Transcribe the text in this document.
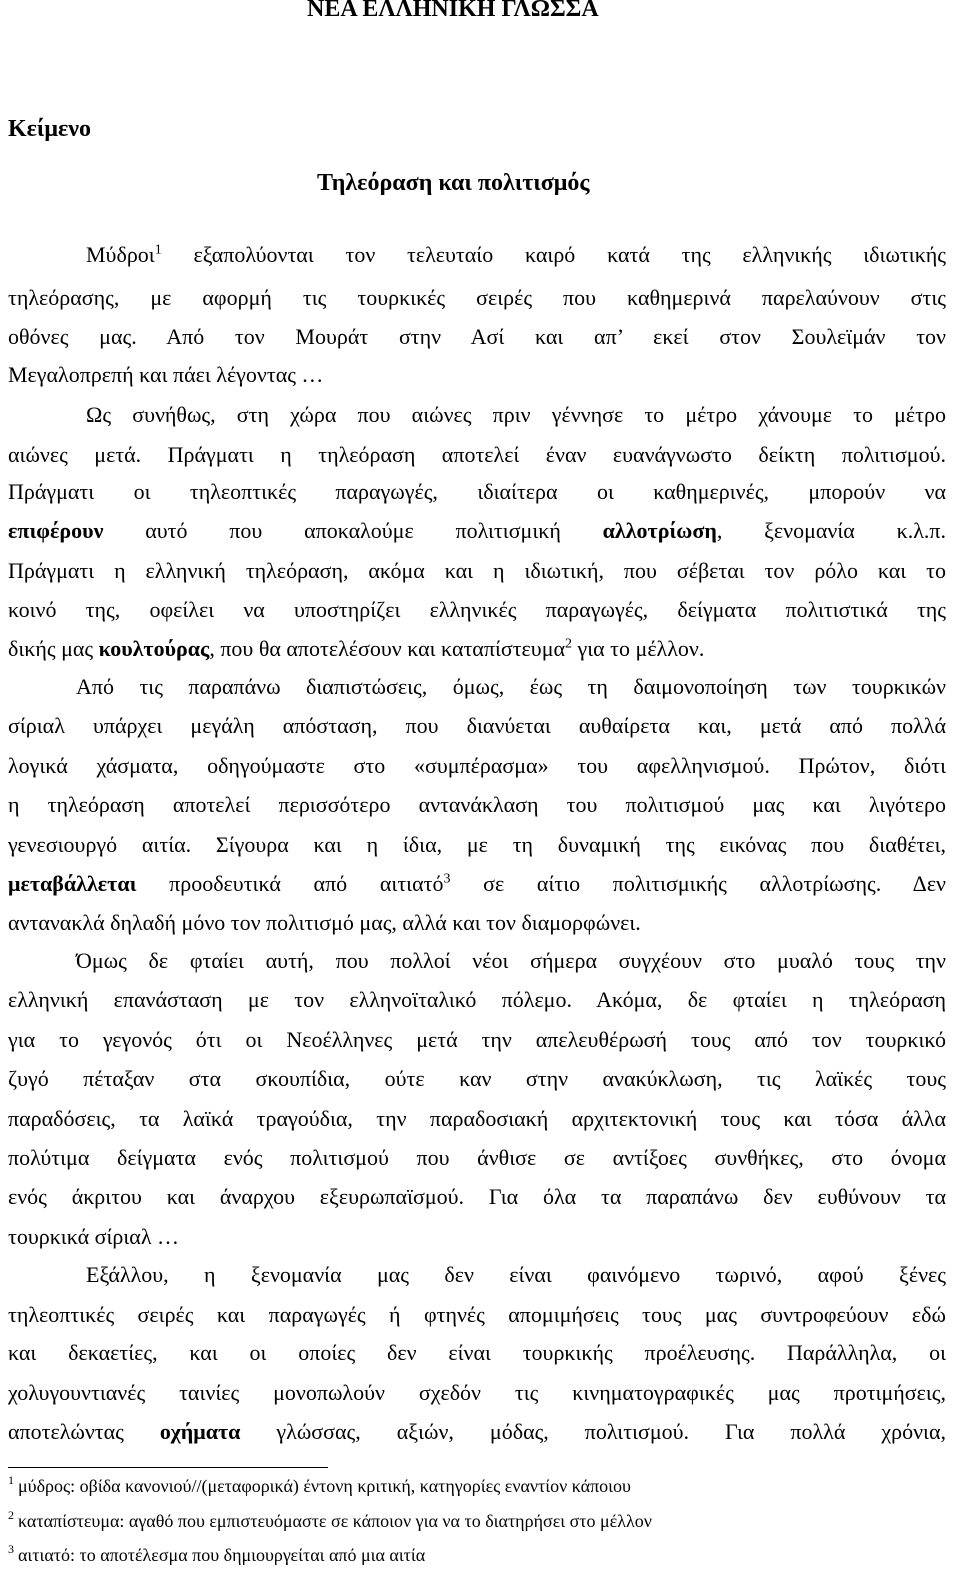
ΝΕΑ ΕΛΛΗΝΙΚΗ ΓΛΩΣΣΑ
Κείμενο
Τηλεόραση και πολιτισμός
Μύδροι$^1$ εξαπολύονται τον τελευταίο καιρό κατά της ελληνικής ιδιωτικής
τηλεόρασης, με αφορμή τις τουρκικές σειρές που καθημερινά παρελαύνουν στις
οθόνες μας. Από τον Μουράτ στην Ασί και απ’ εκεί στον Σουλεϊμάν τον
Μεγαλοπρεπή και πάει λέγοντας …
Ως συνήθως, στη χώρα που αιώνες πριν γέννησε το μέτρο χάνουμε το μέτρο
αιώνες μετά. Πράγματι η τηλεόραση αποτελεί έναν ευανάγνωστο δείκτη πολιτισμού.
Πράγματι οι τηλεοπτικές παραγωγές, ιδιαίτερα οι καθημερινές, μπορούν να
επιφέρουν αυτό που αποκαλούμε πολιτισμική αλλοτρίωση, ξενομανία κ.λ.π.
Πράγματι η ελληνική τηλεόραση, ακόμα και η ιδιωτική, που σέβεται τον ρόλο και το
κοινό της, οφείλει να υποστηρίζει ελληνικές παραγωγές, δείγματα πολιτιστικά της
δικής μας κουλτούρας, που θα αποτελέσουν και καταπίστευμα$^2$ για το μέλλον.
Από τις παραπάνω διαπιστώσεις, όμως, έως τη δαιμονοποίηση των τουρκικών
σίριαλ υπάρχει μεγάλη απόσταση, που διανύεται αυθαίρετα και, μετά από πολλά
λογικά χάσματα, οδηγούμαστε στο «συμπέρασμα» του αφελληνισμού. Πρώτον, διότι
η τηλεόραση αποτελεί περισσότερο αντανάκλαση του πολιτισμού μας και λιγότερο
γενεσιουργό αιτία. Σίγουρα και η ίδια, με τη δυναμική της εικόνας που διαθέτει,
μεταβάλλεται προοδευτικά από αιτιατό$^3$ σε αίτιο πολιτισμικής αλλοτρίωσης. Δεν
αντανακλά δηλαδή μόνο τον πολιτισμό μας, αλλά και τον διαμορφώνει.
Όμως δε φταίει αυτή, που πολλοί νέοι σήμερα συγχέουν στο μυαλό τους την
ελληνική επανάσταση με τον ελληνοϊταλικό πόλεμο. Ακόμα, δε φταίει η τηλεόραση
για το γεγονός ότι οι Νεοέλληνες μετά την απελευθέρωσή τους από τον τουρκικό
ζυγό πέταξαν στα σκουπίδια, ούτε καν στην ανακύκλωση, τις λαϊκές τους
παραδόσεις, τα λαϊκά τραγούδια, την παραδοσιακή αρχιτεκτονική τους και τόσα άλλα
πολύτιμα δείγματα ενός πολιτισμού που άνθισε σε αντίξοες συνθήκες, στο όνομα
ενός άκριτου και άναρχου εξευρωπαϊσμού. Για όλα τα παραπάνω δεν ευθύνουν τα
τουρκικά σίριαλ …
Εξάλλου, η ξενομανία μας δεν είναι φαινόμενο τωρινό, αφού ξένες
τηλεοπτικές σειρές και παραγωγές ή φτηνές απομιμήσεις τους μας συντροφεύουν εδώ
και δεκαετίες, και οι οποίες δεν είναι τουρκικής προέλευσης. Παράλληλα, οι
χολυγουντιανές ταινίες μονοπωλούν σχεδόν τις κινηματογραφικές μας προτιμήσεις,
αποτελώντας οχήματα γλώσσας, αξιών, μόδας, πολιτισμού. Για πολλά χρόνια,
$^1$ μύδρος: οβίδα κανονιού//(μεταφορικά) έντονη κριτική, κατηγορίες εναντίον κάποιου
$^2$ καταπίστευμα: αγαθό που εμπιστευόμαστε σε κάποιον για να το διατηρήσει στο μέλλον
$^3$ αιτιατό: το αποτέλεσμα που δημιουργείται από μια αιτία
